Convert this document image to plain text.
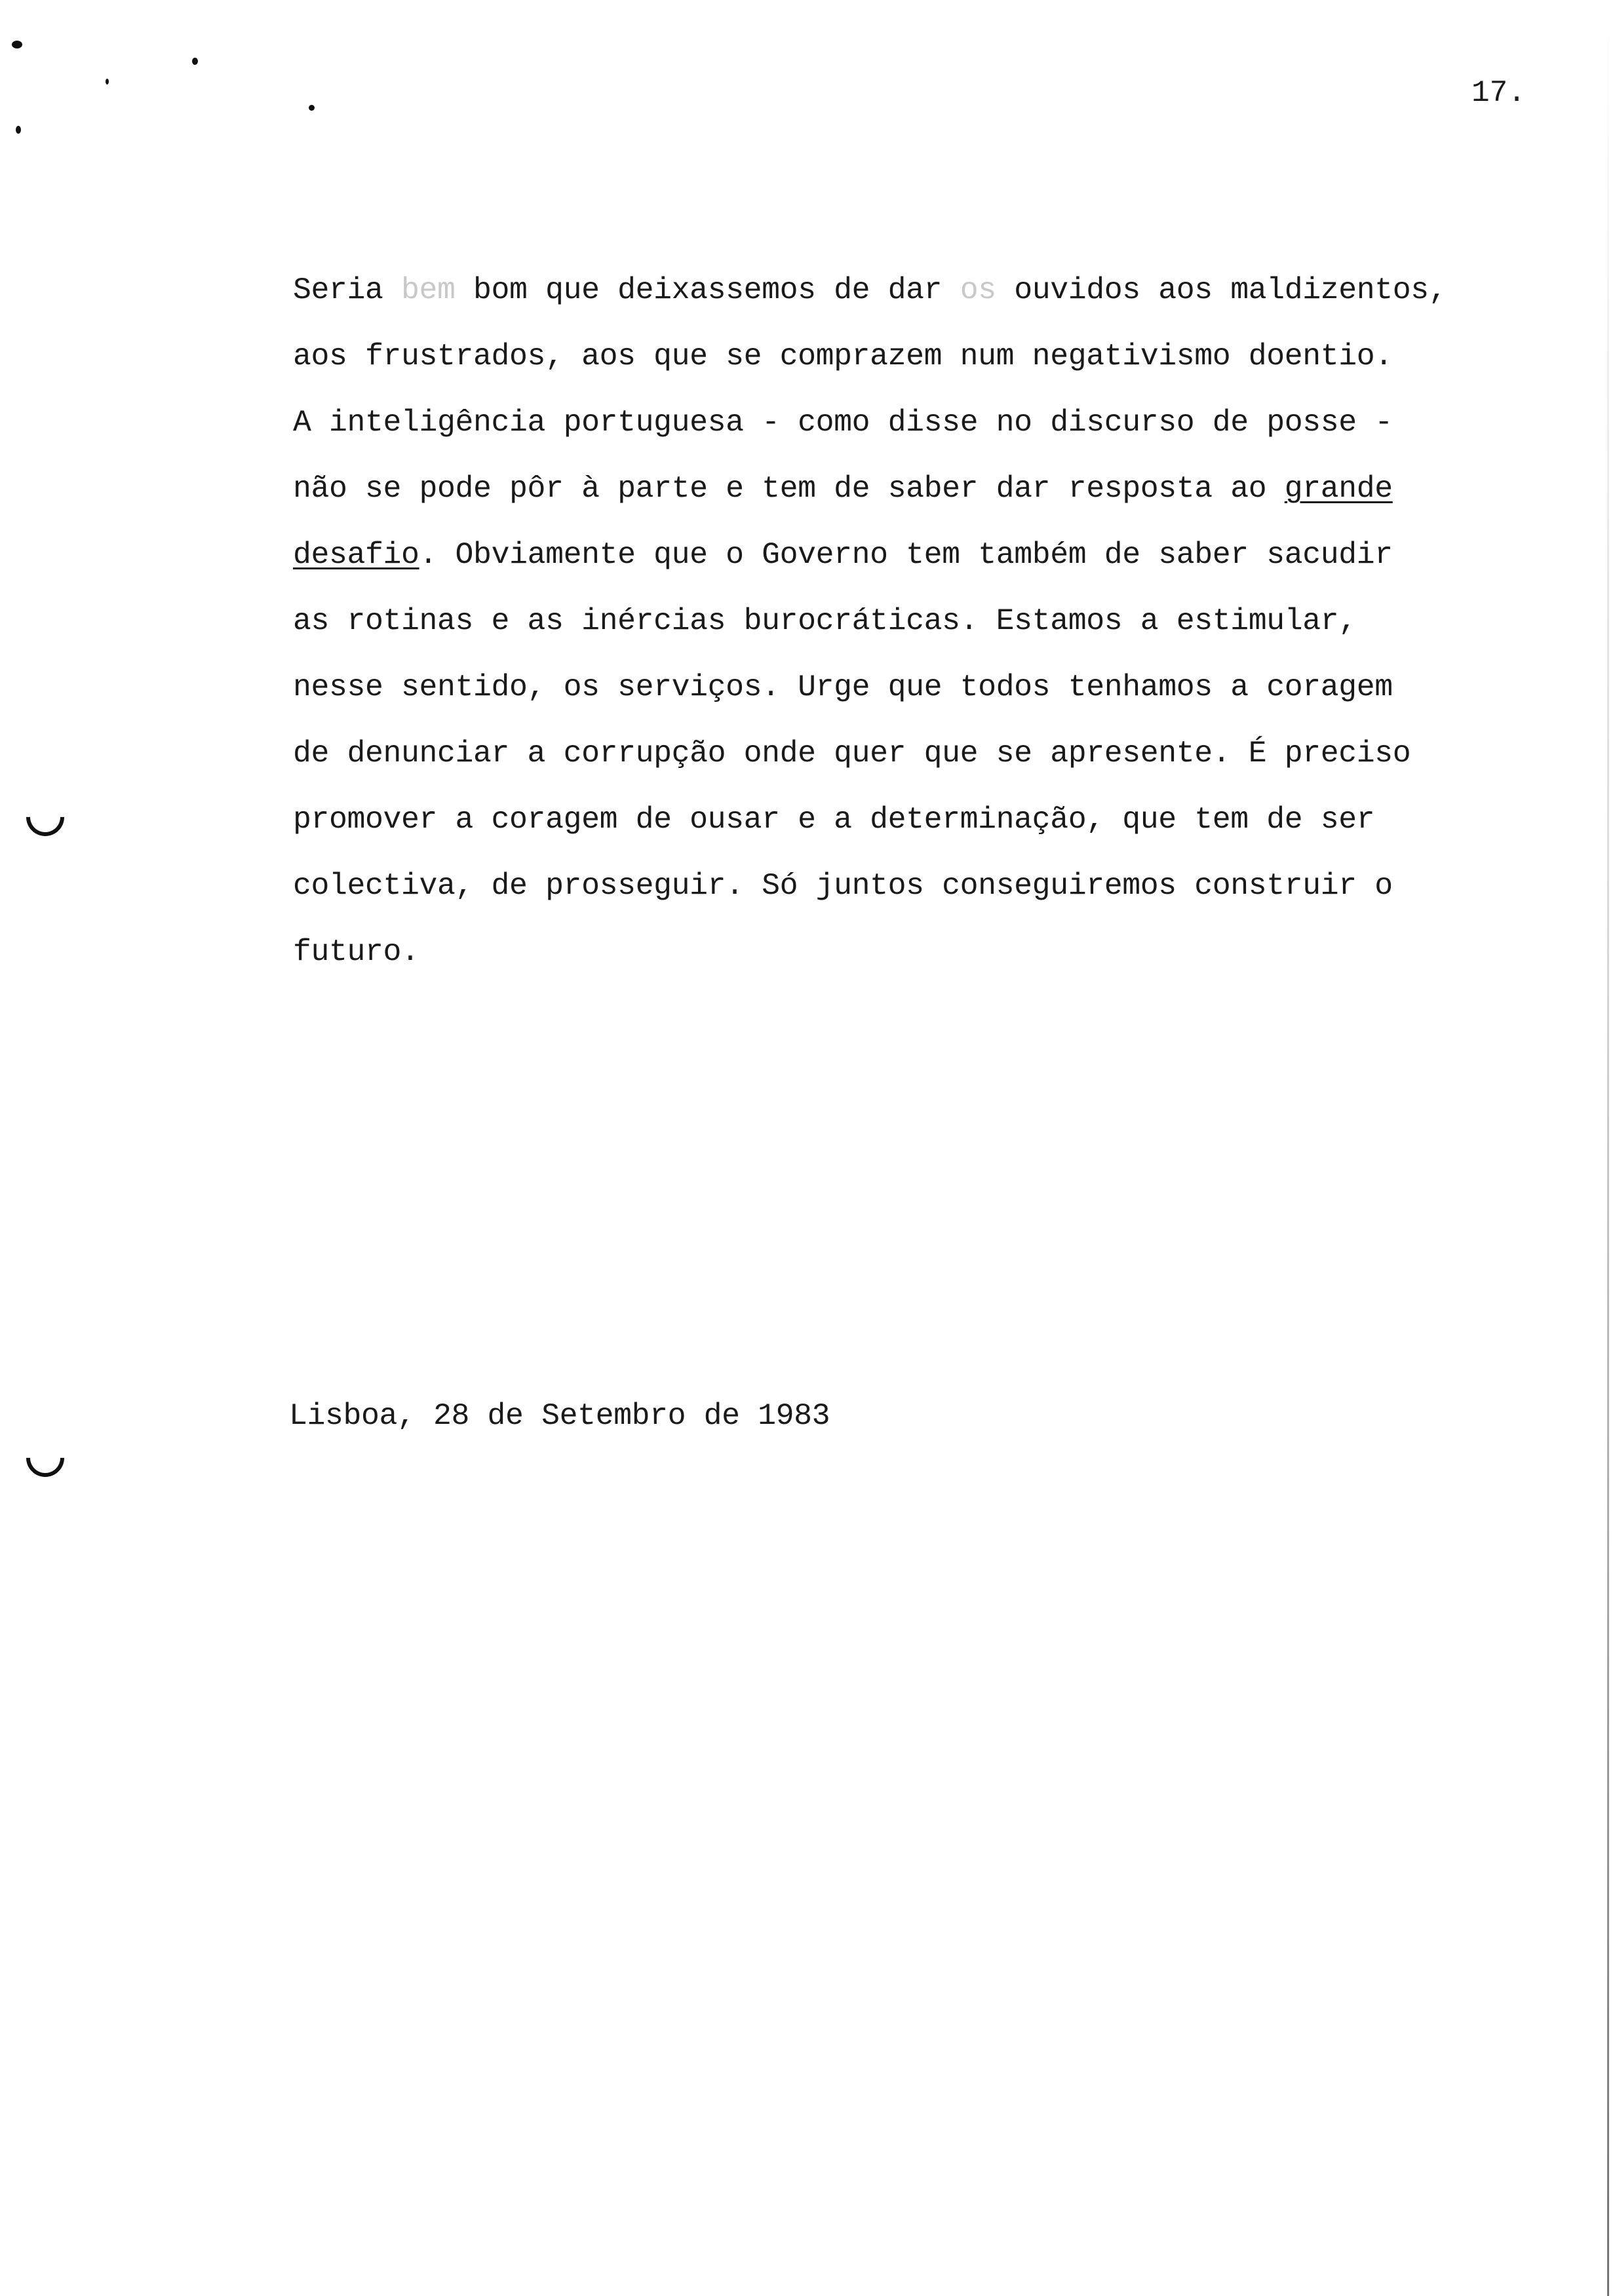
17.
Seria bem bom que deixassemos de dar os ouvidos aos maldizentos,
aos frustrados, aos que se comprazem num negativismo doentio.
A inteligência portuguesa - como disse no discurso de posse -
não se pode pôr à parte e tem de saber dar resposta ao grande
desafio. Obviamente que o Governo tem também de saber sacudir
as rotinas e as inércias burocráticas. Estamos a estimular,
nesse sentido, os serviços. Urge que todos tenhamos a coragem
de denunciar a corrupção onde quer que se apresente. É preciso
promover a coragem de ousar e a determinação, que tem de ser
colectiva, de prosseguir. Só juntos conseguiremos construir o
futuro.
Lisboa, 28 de Setembro de 1983
